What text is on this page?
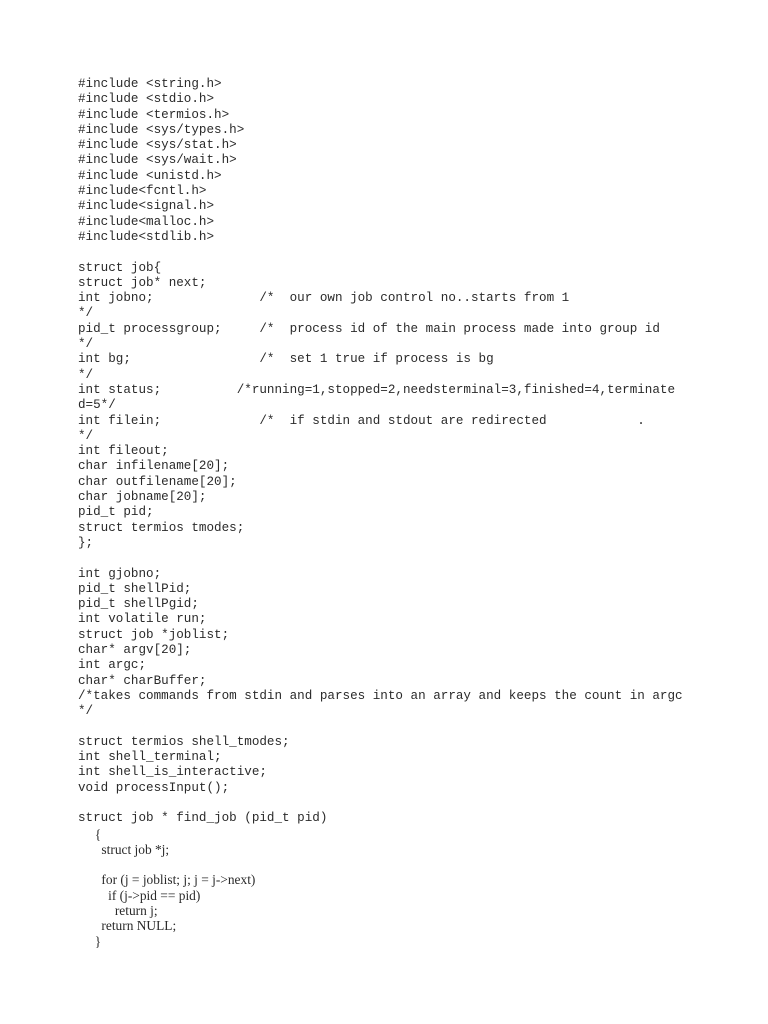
#include <string.h>
#include <stdio.h>
#include <termios.h>
#include <sys/types.h>
#include <sys/stat.h>
#include <sys/wait.h>
#include <unistd.h>
#include<fcntl.h>
#include<signal.h>
#include<malloc.h>
#include<stdlib.h>
struct job{
struct job* next;
int jobno;              /*  our own job control no..starts from 1
*/
pid_t processgroup;     /*  process id of the main process made into group id
*/
int bg;                 /*  set 1 true if process is bg
*/
int status;          /*running=1,stopped=2,needsterminal=3,finished=4,terminate
d=5*/
int filein;             /*  if stdin and stdout are redirected            .
*/
int fileout;
char infilename[20];
char outfilename[20];
char jobname[20];
pid_t pid;
struct termios tmodes;
};
int gjobno;
pid_t shellPid;
pid_t shellPgid;
int volatile run;
struct job *joblist;
char* argv[20];
int argc;
char* charBuffer;
/*takes commands from stdin and parses into an array and keeps the count in argc
*/
struct termios shell_tmodes;
int shell_terminal;
int shell_is_interactive;
void processInput();
struct job * find_job (pid_t pid)
{
struct job *j;
for (j = joblist; j; j = j->next)
if (j->pid == pid)
return j;
return NULL;
}
